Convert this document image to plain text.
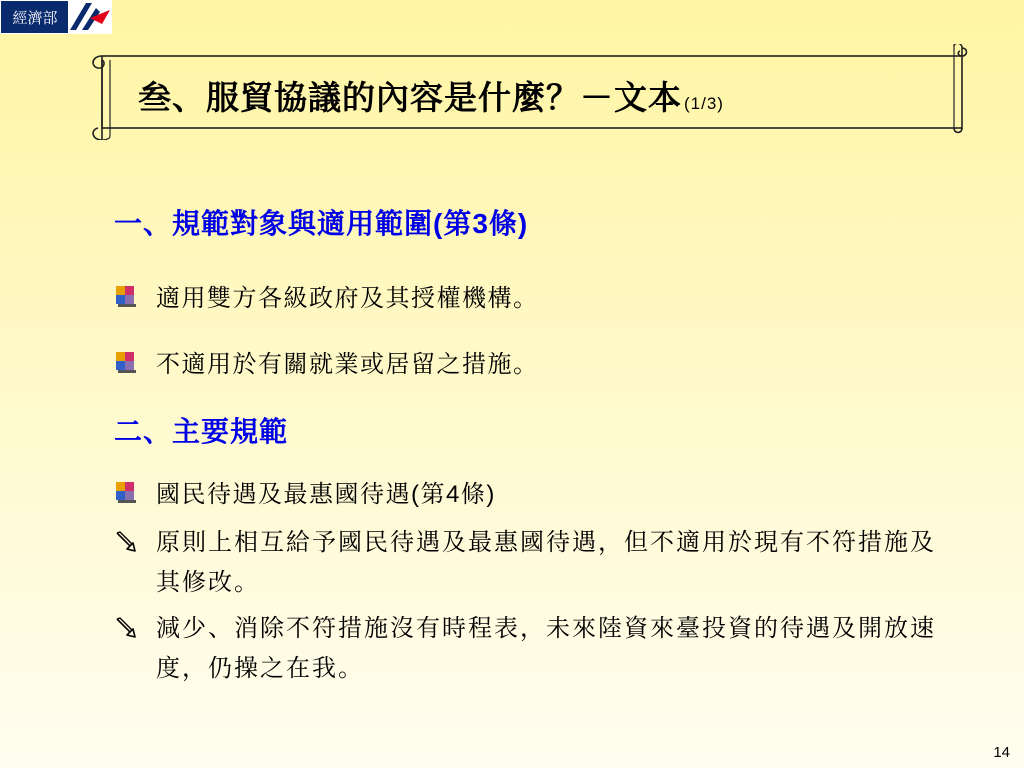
經濟部
叁、服貿協議的內容是什麼？－文本 (1/3)
一、規範對象與適用範圍(第3條)
適用雙方各級政府及其授權機構。
不適用於有關就業或居留之措施。
二、主要規範
國民待遇及最惠國待遇 (第4條)
原則上相互給予國民待遇及最惠國待遇，但不適用於現有不符措施及其修改。
減少、消除不符措施沒有時程表，未來陸資來臺投資的待遇及開放速度，仍操之在我。
14
